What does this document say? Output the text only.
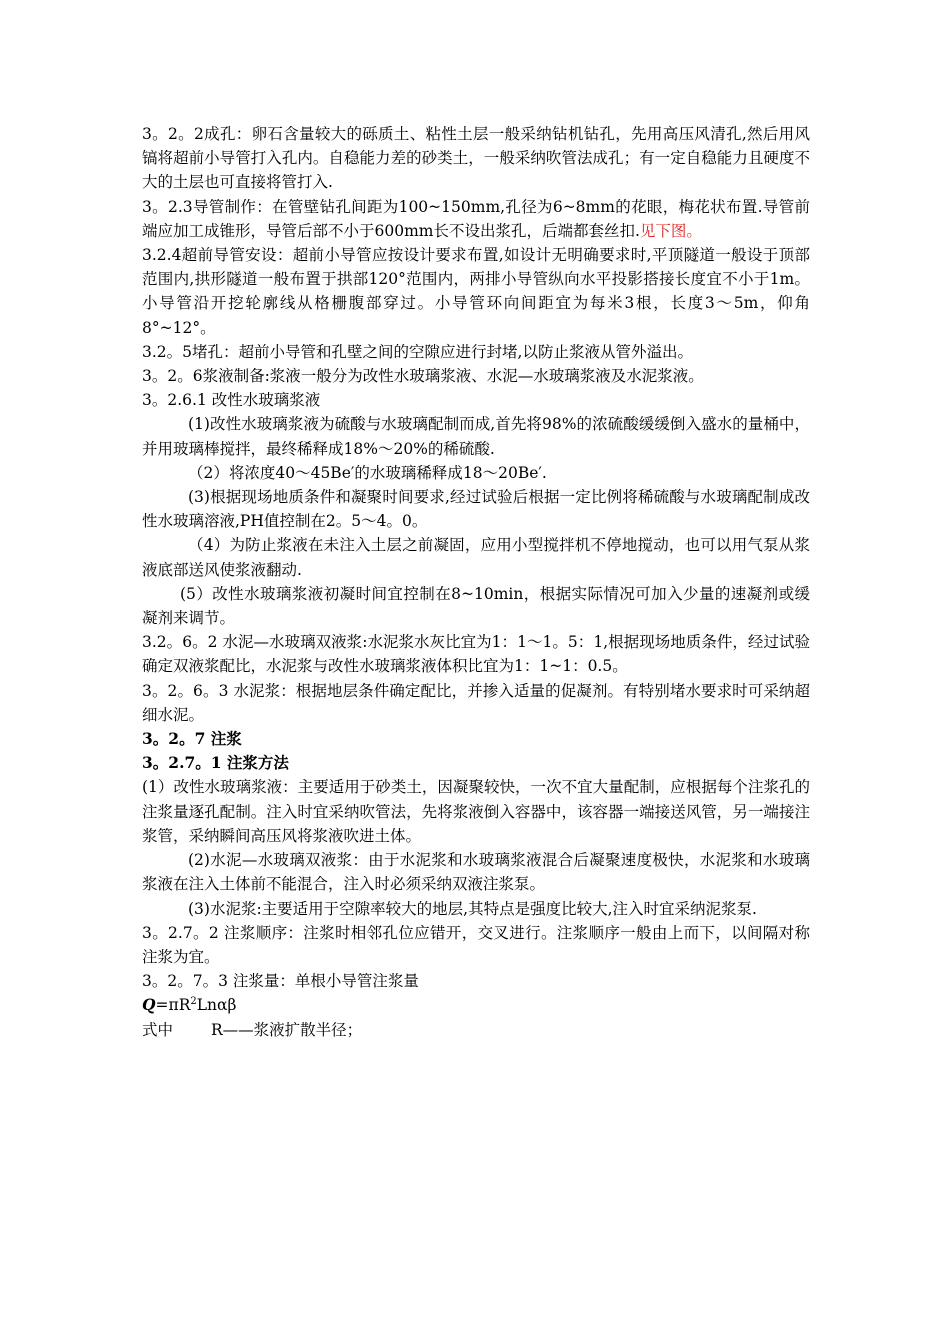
3。2。2成孔：卵石含量较大的砾质土、粘性土层一般采纳钻机钻孔，先用高压风清孔,然后用风镐将超前小导管打入孔内。自稳能力差的砂类土，一般采纳吹管法成孔；有一定自稳能力且硬度不大的土层也可直接将管打入.

3。2.3导管制作：在管壁钻孔间距为100~150mm,孔径为6~8mm的花眼，梅花状布置.导管前端应加工成锥形，导管后部不小于600mm长不设出浆孔，后端都套丝扣.见下图。

3.2.4超前导管安设：超前小导管应按设计要求布置,如设计无明确要求时,平顶隧道一般设于顶部范围内,拱形隧道一般布置于拱部120°范围内，两排小导管纵向水平投影搭接长度宜不小于1m。小导管沿开挖轮廓线从格栅腹部穿过。小导管环向间距宜为每米3根，长度3～5m，仰角8°~12°。

3.2。5堵孔：超前小导管和孔壁之间的空隙应进行封堵,以防止浆液从管外溢出。

3。2。6浆液制备:浆液一般分为改性水玻璃浆液、水泥—水玻璃浆液及水泥浆液。

3。2.6.1 改性水玻璃浆液

(1)改性水玻璃浆液为硫酸与水玻璃配制而成,首先将98%的浓硫酸缓缓倒入盛水的量桶中，并用玻璃棒搅拌，最终稀释成18%～20%的稀硫酸.

（2）将浓度40～45Be′的水玻璃稀释成18～20Be′.

(3)根据现场地质条件和凝聚时间要求,经过试验后根据一定比例将稀硫酸与水玻璃配制成改性水玻璃溶液,PH值控制在2。5～4。0。

（4）为防止浆液在未注入土层之前凝固，应用小型搅拌机不停地搅动，也可以用气泵从浆液底部送风使浆液翻动.

(5）改性水玻璃浆液初凝时间宜控制在8~10min，根据实际情况可加入少量的速凝剂或缓凝剂来调节。

3.2。6。2 水泥—水玻璃双液浆:水泥浆水灰比宜为1：1～1。5：1,根据现场地质条件，经过试验确定双液浆配比，水泥浆与改性水玻璃浆液体积比宜为1：1~1：0.5。

3。2。6。3 水泥浆：根据地层条件确定配比，并掺入适量的促凝剂。有特别堵水要求时可采纳超细水泥。

3。2。7 注浆

3。2.7。1 注浆方法

(1）改性水玻璃浆液：主要适用于砂类土，因凝聚较快，一次不宜大量配制，应根据每个注浆孔的注浆量逐孔配制。注入时宜采纳吹管法，先将浆液倒入容器中，该容器一端接送风管，另一端接注浆管，采纳瞬间高压风将浆液吹进土体。

(2)水泥—水玻璃双液浆：由于水泥浆和水玻璃浆液混合后凝聚速度极快，水泥浆和水玻璃浆液在注入土体前不能混合，注入时必须采纳双液注浆泵。

(3)水泥浆:主要适用于空隙率较大的地层,其特点是强度比较大,注入时宜采纳泥浆泵.

3。2.7。2 注浆顺序：注浆时相邻孔位应错开，交叉进行。注浆顺序一般由上而下，以间隔对称注浆为宜。

3。2。7。3 注浆量：单根小导管注浆量

$Q=\pi R^2Ln\alpha\beta$

式中 R——浆液扩散半径；
